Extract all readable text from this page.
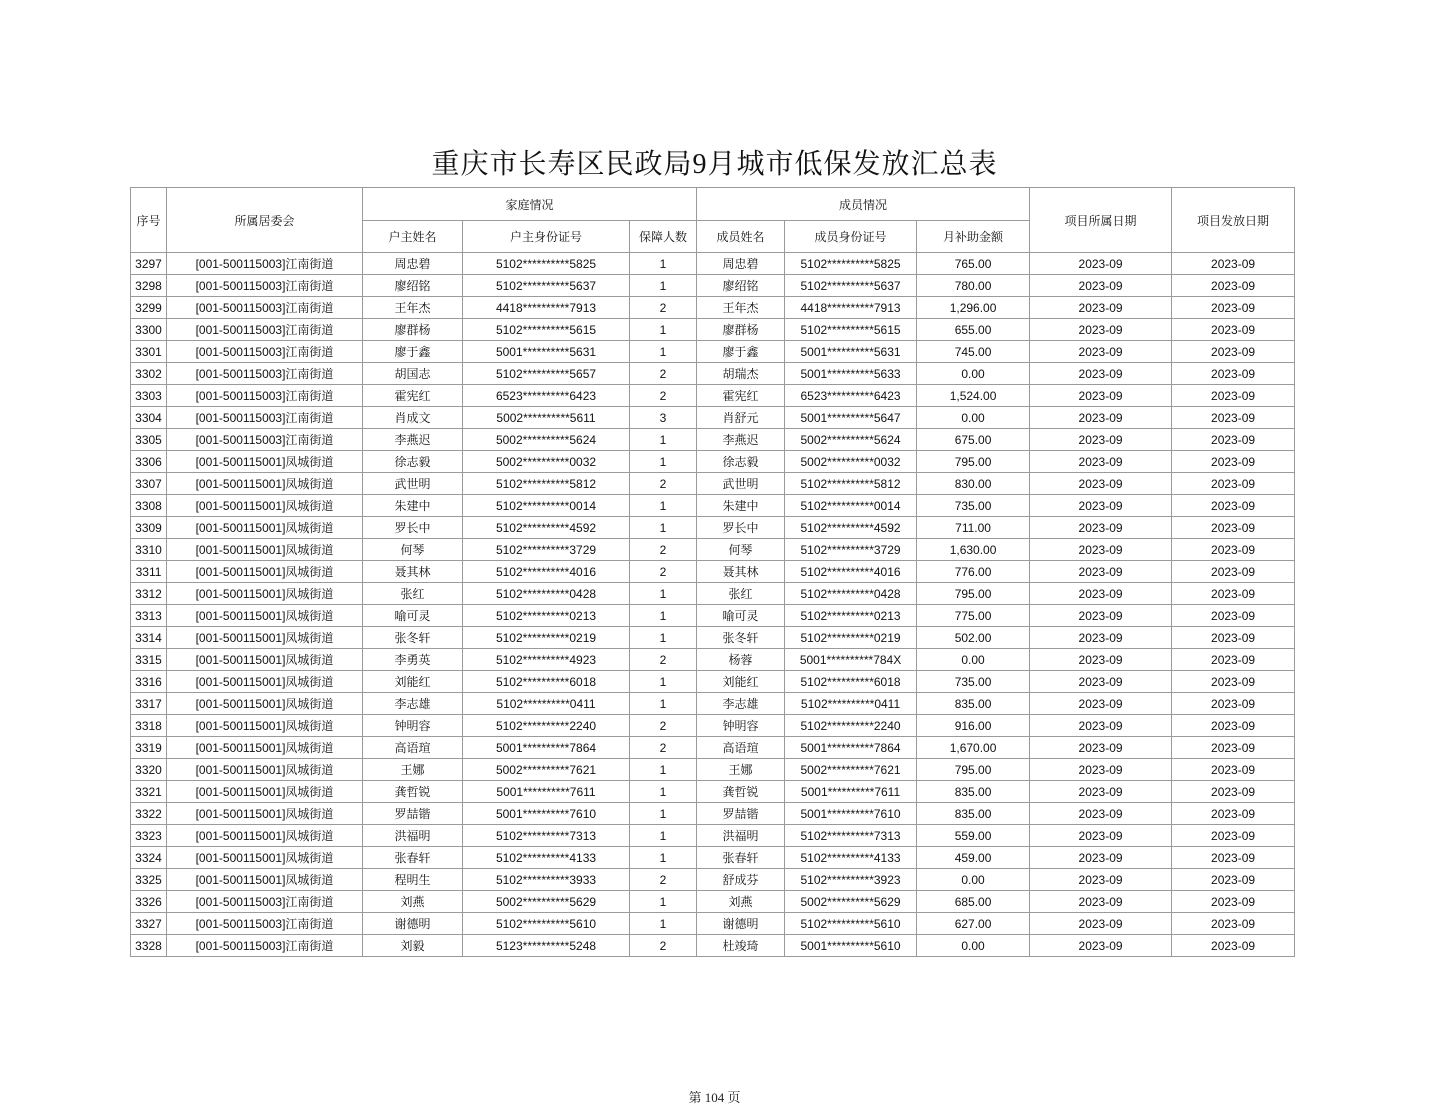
重庆市长寿区民政局9月城市低保发放汇总表
序号	所属居委会	家庭情况			成员情况			项目所属日期	项目发放日期
		户主姓名	户主身份证号	保障人数	成员姓名	成员身份证号	月补助金额		
3297	[001-500115003]江南街道	周忠碧	5102**********5825	1	周忠碧	5102**********5825	765.00	2023-09	2023-09
3298	[001-500115003]江南街道	廖绍铭	5102**********5637	1	廖绍铭	5102**********5637	780.00	2023-09	2023-09
3299	[001-500115003]江南街道	王年杰	4418**********7913	2	王年杰	4418**********7913	1,296.00	2023-09	2023-09
3300	[001-500115003]江南街道	廖群杨	5102**********5615	1	廖群杨	5102**********5615	655.00	2023-09	2023-09
3301	[001-500115003]江南街道	廖于鑫	5001**********5631	1	廖于鑫	5001**********5631	745.00	2023-09	2023-09
3302	[001-500115003]江南街道	胡国志	5102**********5657	2	胡瑞杰	5001**********5633	0.00	2023-09	2023-09
3303	[001-500115003]江南街道	霍宪红	6523**********6423	2	霍宪红	6523**********6423	1,524.00	2023-09	2023-09
3304	[001-500115003]江南街道	肖成文	5002**********5611	3	肖舒元	5001**********5647	0.00	2023-09	2023-09
3305	[001-500115003]江南街道	李燕迟	5002**********5624	1	李燕迟	5002**********5624	675.00	2023-09	2023-09
3306	[001-500115001]凤城街道	徐志毅	5002**********0032	1	徐志毅	5002**********0032	795.00	2023-09	2023-09
3307	[001-500115001]凤城街道	武世明	5102**********5812	2	武世明	5102**********5812	830.00	2023-09	2023-09
3308	[001-500115001]凤城街道	朱建中	5102**********0014	1	朱建中	5102**********0014	735.00	2023-09	2023-09
3309	[001-500115001]凤城街道	罗长中	5102**********4592	1	罗长中	5102**********4592	711.00	2023-09	2023-09
3310	[001-500115001]凤城街道	何琴	5102**********3729	2	何琴	5102**********3729	1,630.00	2023-09	2023-09
3311	[001-500115001]凤城街道	聂其林	5102**********4016	2	聂其林	5102**********4016	776.00	2023-09	2023-09
3312	[001-500115001]凤城街道	张红	5102**********0428	1	张红	5102**********0428	795.00	2023-09	2023-09
3313	[001-500115001]凤城街道	喻可灵	5102**********0213	1	喻可灵	5102**********0213	775.00	2023-09	2023-09
3314	[001-500115001]凤城街道	张冬轩	5102**********0219	1	张冬轩	5102**********0219	502.00	2023-09	2023-09
3315	[001-500115001]凤城街道	李勇英	5102**********4923	2	杨蓉	5001**********784X	0.00	2023-09	2023-09
3316	[001-500115001]凤城街道	刘能红	5102**********6018	1	刘能红	5102**********6018	735.00	2023-09	2023-09
3317	[001-500115001]凤城街道	李志雄	5102**********0411	1	李志雄	5102**********0411	835.00	2023-09	2023-09
3318	[001-500115001]凤城街道	钟明容	5102**********2240	2	钟明容	5102**********2240	916.00	2023-09	2023-09
3319	[001-500115001]凤城街道	高语瑄	5001**********7864	2	高语瑄	5001**********7864	1,670.00	2023-09	2023-09
3320	[001-500115001]凤城街道	王娜	5002**********7621	1	王娜	5002**********7621	795.00	2023-09	2023-09
3321	[001-500115001]凤城街道	龚哲锐	5001**********7611	1	龚哲锐	5001**********7611	835.00	2023-09	2023-09
3322	[001-500115001]凤城街道	罗喆锴	5001**********7610	1	罗喆锴	5001**********7610	835.00	2023-09	2023-09
3323	[001-500115001]凤城街道	洪福明	5102**********7313	1	洪福明	5102**********7313	559.00	2023-09	2023-09
3324	[001-500115001]凤城街道	张春轩	5102**********4133	1	张春轩	5102**********4133	459.00	2023-09	2023-09
3325	[001-500115001]凤城街道	程明生	5102**********3933	2	舒成芬	5102**********3923	0.00	2023-09	2023-09
3326	[001-500115003]江南街道	刘燕	5002**********5629	1	刘燕	5002**********5629	685.00	2023-09	2023-09
3327	[001-500115003]江南街道	谢德明	5102**********5610	1	谢德明	5102**********5610	627.00	2023-09	2023-09
3328	[001-500115003]江南街道	刘毅	5123**********5248	2	杜竣琦	5001**********5610	0.00	2023-09	2023-09
第 104 页
